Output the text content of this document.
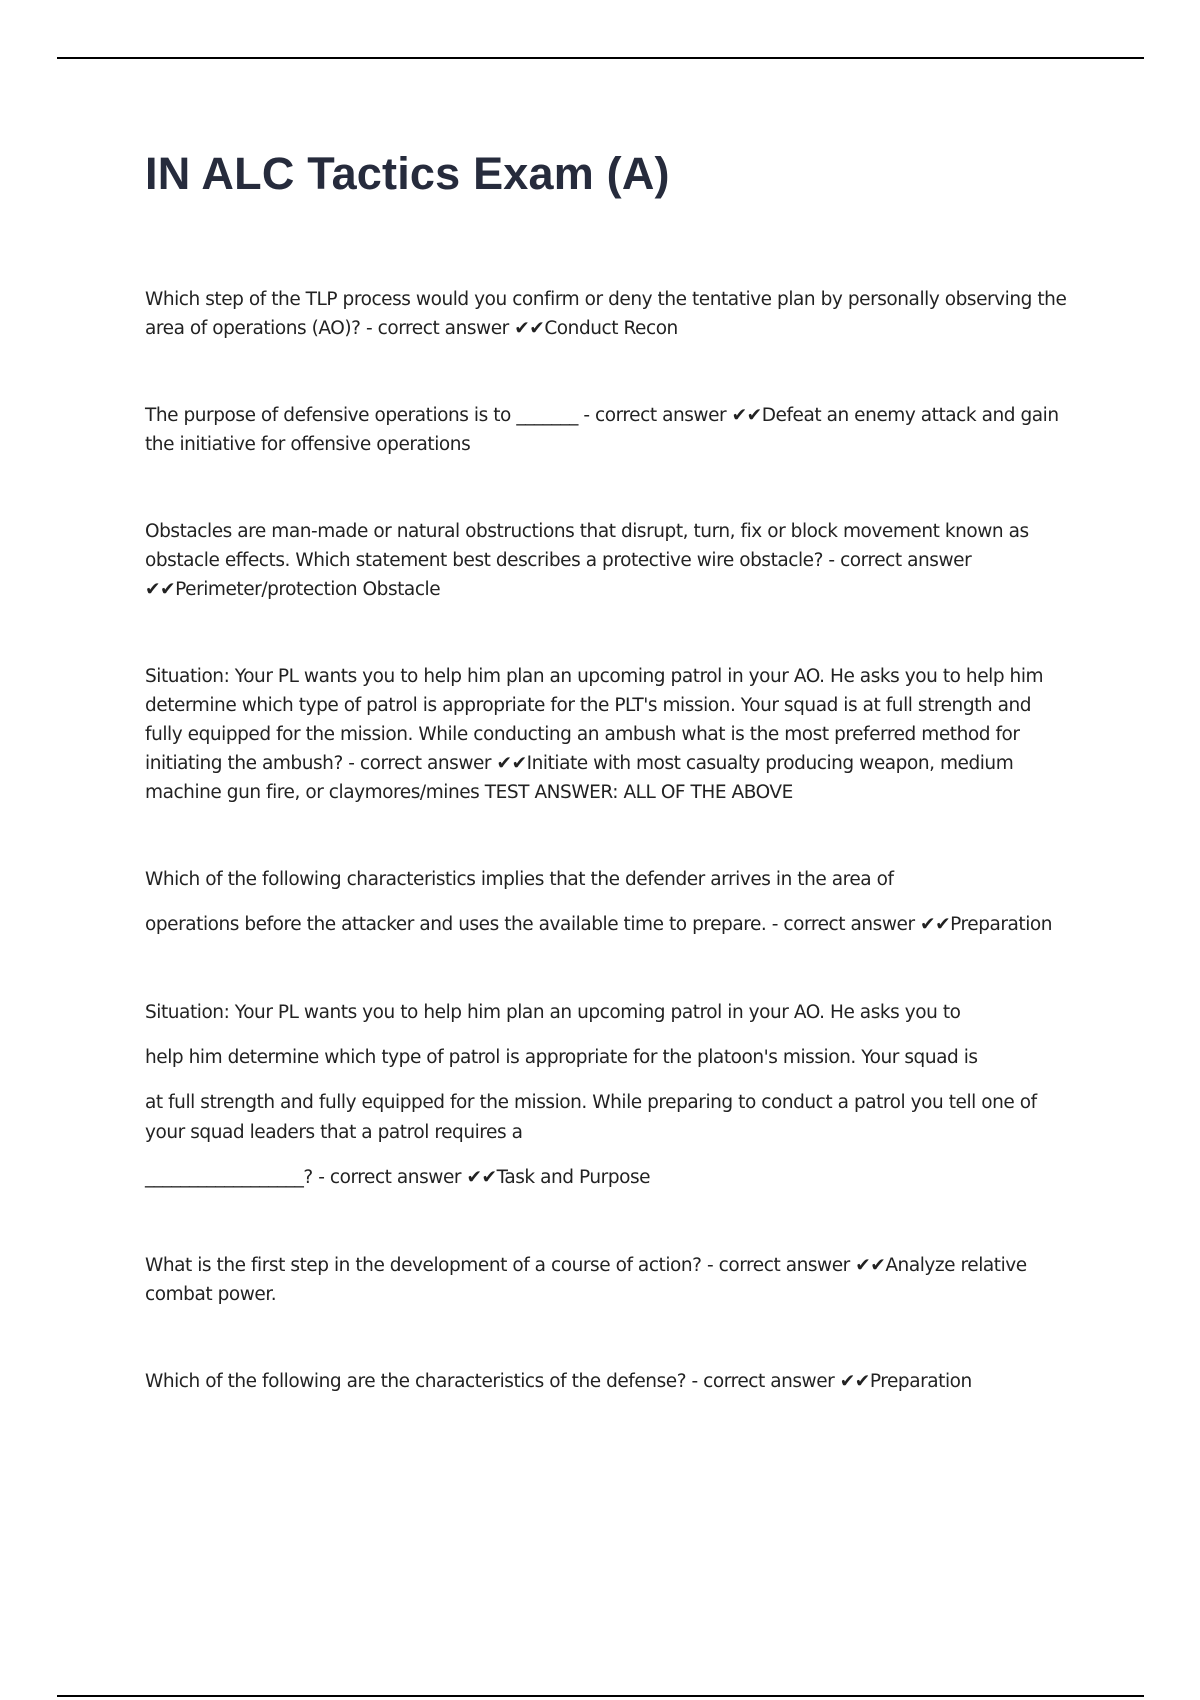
IN ALC Tactics Exam (A)
Which step of the TLP process would you confirm or deny the tentative plan by personally observing the
area of operations (AO)? - correct answer ✔✔Conduct Recon
The purpose of defensive operations is to _______ - correct answer ✔✔Defeat an enemy attack and gain
the initiative for offensive operations
Obstacles are man-made or natural obstructions that disrupt, turn, fix or block movement known as
obstacle effects. Which statement best describes a protective wire obstacle? - correct answer
✔✔Perimeter/protection Obstacle
Situation: Your PL wants you to help him plan an upcoming patrol in your AO. He asks you to help him
determine which type of patrol is appropriate for the PLT's mission. Your squad is at full strength and
fully equipped for the mission. While conducting an ambush what is the most preferred method for
initiating the ambush? - correct answer ✔✔Initiate with most casualty producing weapon, medium
machine gun fire, or claymores/mines TEST ANSWER: ALL OF THE ABOVE
Which of the following characteristics implies that the defender arrives in the area of
operations before the attacker and uses the available time to prepare. - correct answer ✔✔Preparation
Situation: Your PL wants you to help him plan an upcoming patrol in your AO. He asks you to
help him determine which type of patrol is appropriate for the platoon's mission. Your squad is
at full strength and fully equipped for the mission. While preparing to conduct a patrol you tell one of
your squad leaders that a patrol requires a
__________________? - correct answer ✔✔Task and Purpose
What is the first step in the development of a course of action? - correct answer ✔✔Analyze relative
combat power.
Which of the following are the characteristics of the defense? - correct answer ✔✔Preparation
